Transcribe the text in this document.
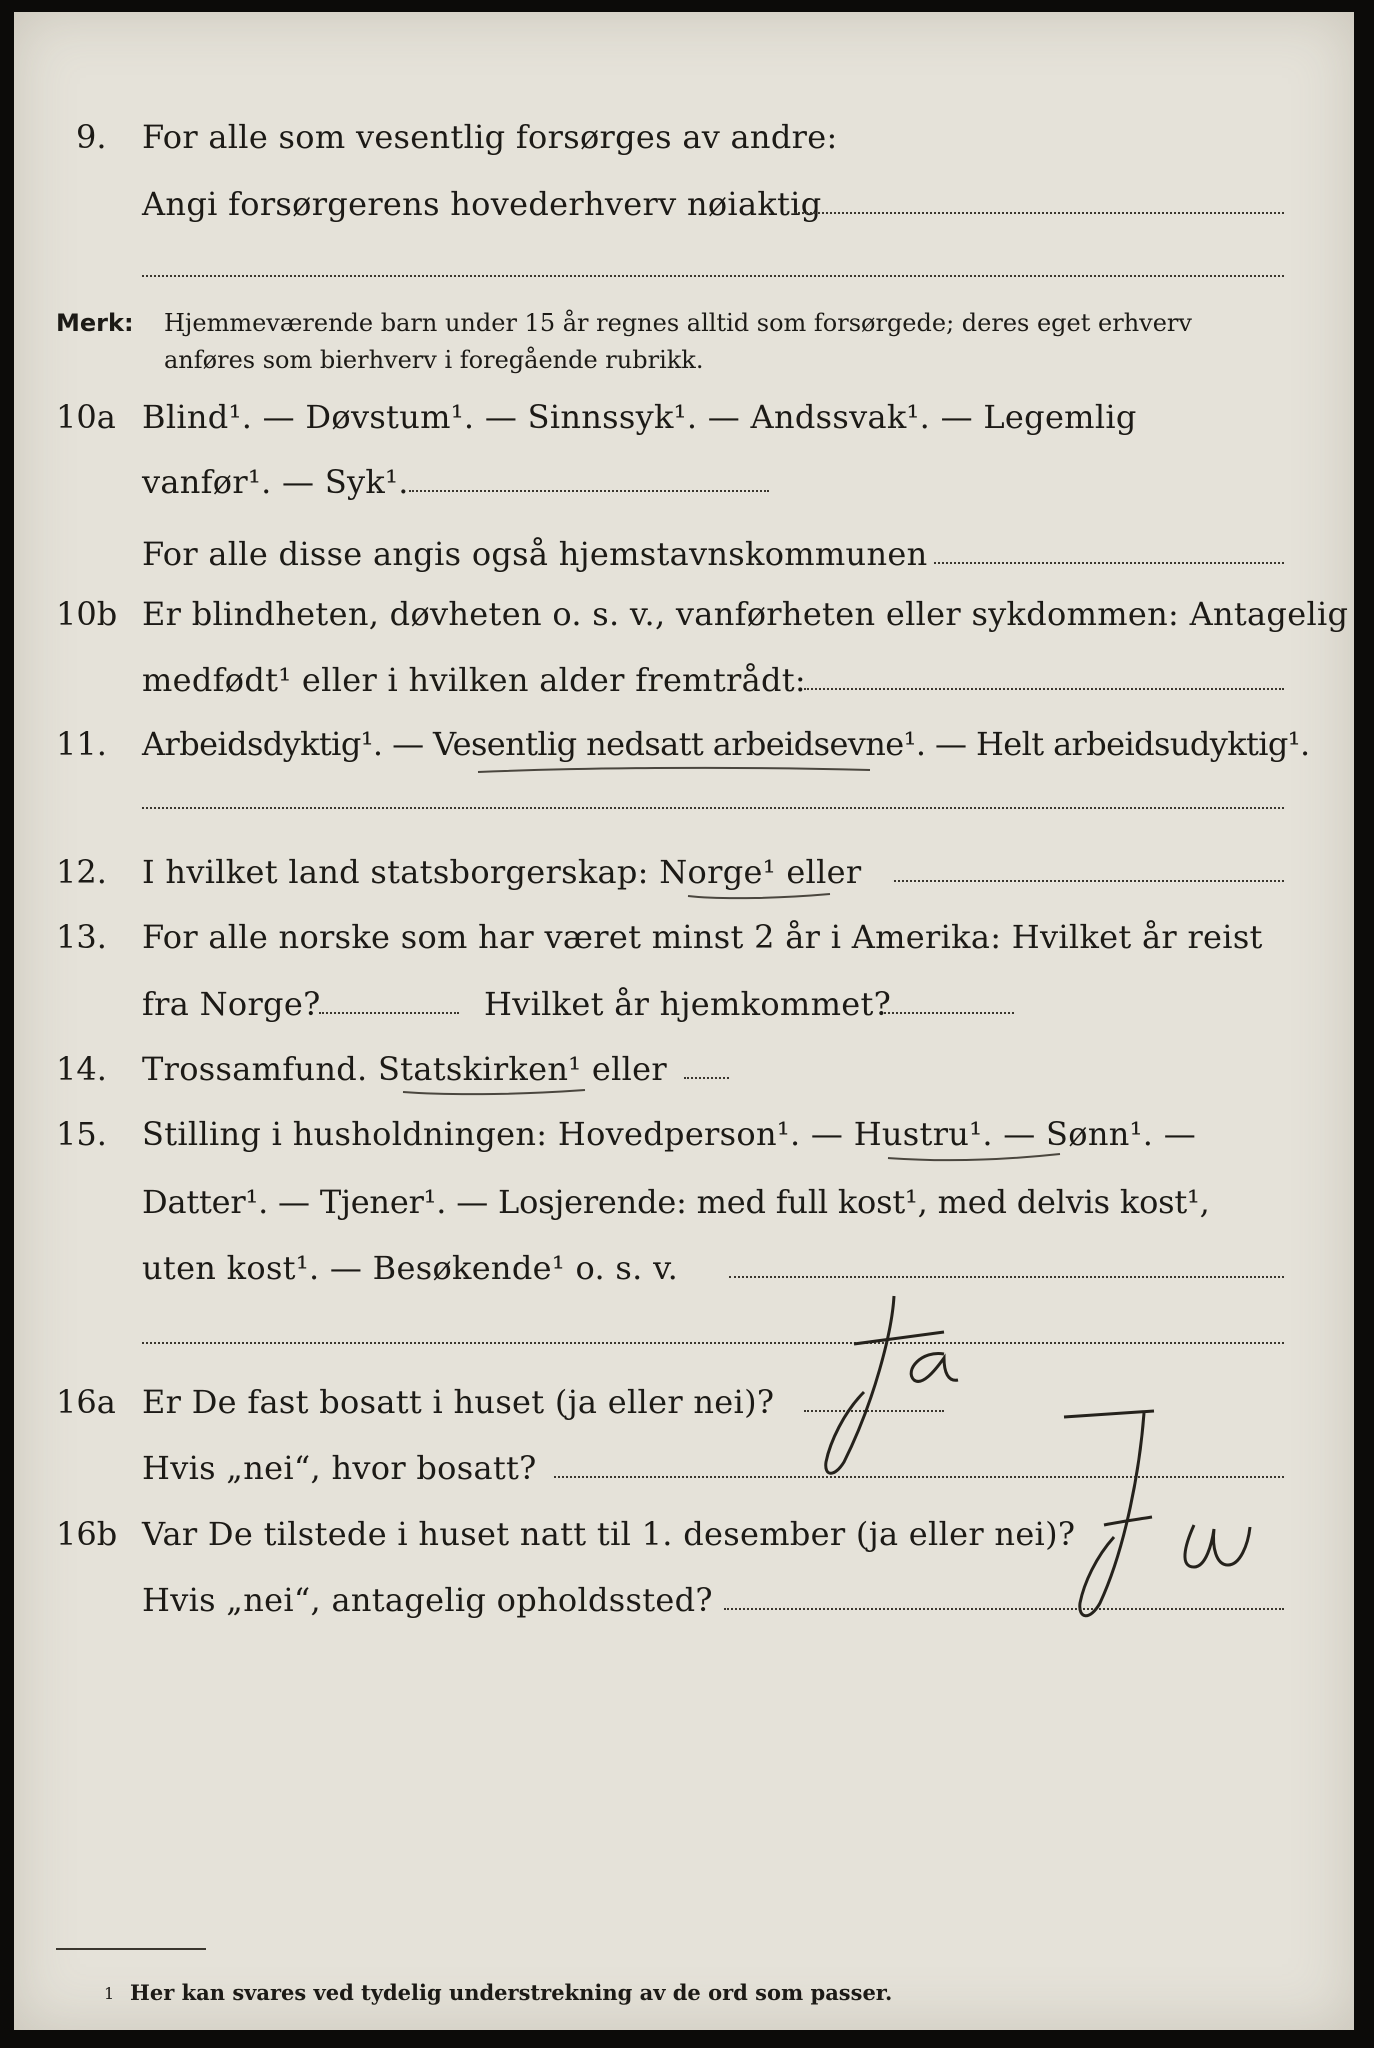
9. For alle som vesentlig forsørges av andre:
Angi forsørgerens hovederhverv nøiaktig
Merk: Hjemmeværende barn under 15 år regnes alltid som forsørgede; deres eget erhverv
anføres som bierhverv i foregående rubrikk.
10a Blind¹. — Døvstum¹. — Sinnssyk¹. — Andssvak¹. — Legemlig
vanfør¹. — Syk¹.
For alle disse angis også hjemstavnskommunen
10b Er blindheten, døvheten o. s. v., vanførheten eller sykdommen: Antagelig
medfødt¹ eller i hvilken alder fremtrådt:
11. Arbeidsdyktig¹. — Vesentlig nedsatt arbeidsevne¹. — Helt arbeidsudyktig¹.
12. I hvilket land statsborgerskap: Norge¹ eller
13. For alle norske som har været minst 2 år i Amerika: Hvilket år reist
fra Norge?	Hvilket år hjemkommet?
14. Trossamfund. Statskirken¹ eller
15. Stilling i husholdningen: Hovedperson¹. — Hustru¹. — Sønn¹. —
Datter¹. — Tjener¹. — Losjerende: med full kost¹, med delvis kost¹,
uten kost¹. — Besøkende¹ o. s. v.
16a Er De fast bosatt i huset (ja eller nei)?
Hvis „nei“, hvor bosatt?
16b Var De tilstede i huset natt til 1. desember (ja eller nei)?
Hvis „nei“, antagelig opholdssted?
1 Her kan svares ved tydelig understrekning av de ord som passer.
